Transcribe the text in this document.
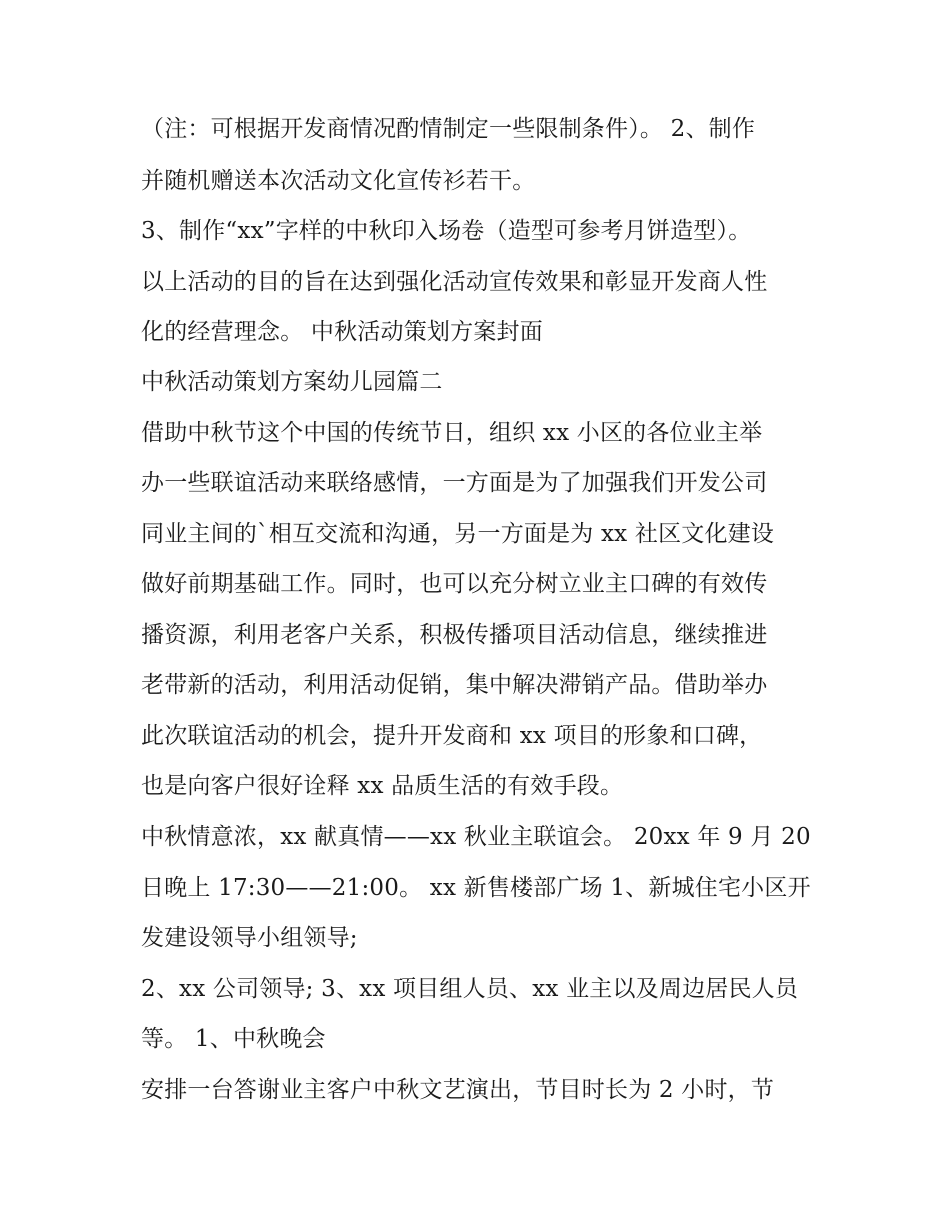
（注：可根据开发商情况酌情制定一些限制条件）。 2、制作
并随机赠送本次活动文化宣传衫若干。
3、制作“xx”字样的中秋印入场卷（造型可参考月饼造型）。
以上活动的目的旨在达到强化活动宣传效果和彰显开发商人性
化的经营理念。 中秋活动策划方案封面
中秋活动策划方案幼儿园篇二
借助中秋节这个中国的传统节日，组织 xx 小区的各位业主举
办一些联谊活动来联络感情，一方面是为了加强我们开发公司
同业主间的`相互交流和沟通，另一方面是为 xx 社区文化建设
做好前期基础工作。同时，也可以充分树立业主口碑的有效传
播资源，利用老客户关系，积极传播项目活动信息，继续推进
老带新的活动，利用活动促销，集中解决滞销产品。借助举办
此次联谊活动的机会，提升开发商和 xx 项目的形象和口碑，
也是向客户很好诠释 xx 品质生活的有效手段。
中秋情意浓，xx 献真情——xx 秋业主联谊会。 20xx 年 9 月 20
日晚上 17:30——21:00。 xx 新售楼部广场 1、新城住宅小区开
发建设领导小组领导;
2、xx 公司领导; 3、xx 项目组人员、xx 业主以及周边居民人员
等。 1、中秋晚会
安排一台答谢业主客户中秋文艺演出，节目时长为 2 小时，节
